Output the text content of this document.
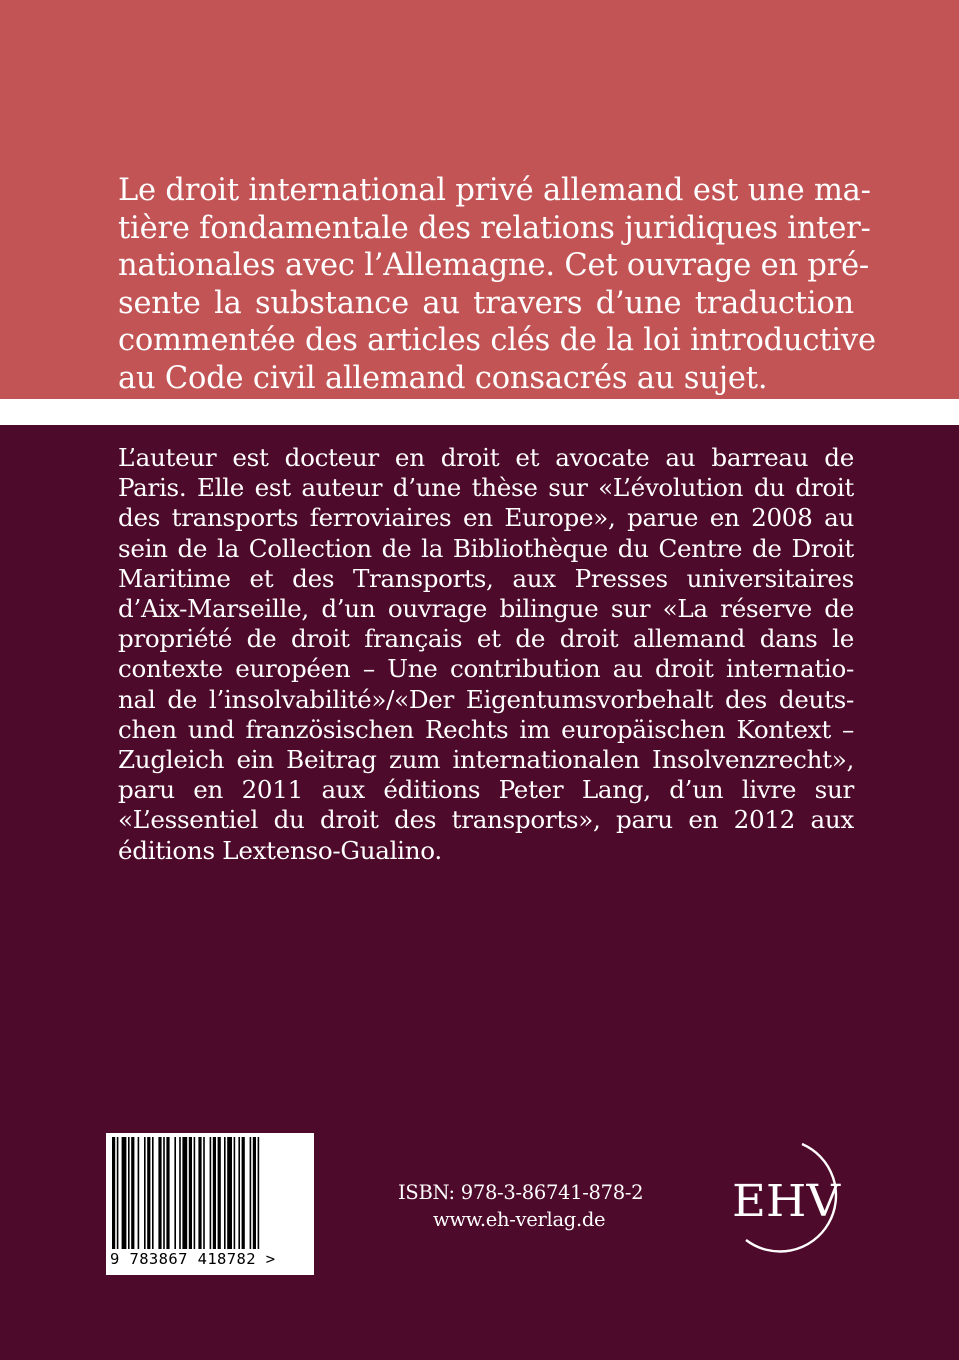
Le droit international privé allemand est une ma-
tière fondamentale des relations juridiques inter-
nationales avec l’Allemagne. Cet ouvrage en pré-
sente la substance au travers d’une traduction
commentée des articles clés de la loi introductive
au Code civil allemand consacrés au sujet.
L’auteur est docteur en droit et avocate au barreau de
Paris. Elle est auteur d’une thèse sur «L’évolution du droit
des transports ferroviaires en Europe», parue en 2008 au
sein de la Collection de la Bibliothèque du Centre de Droit
Maritime et des Transports, aux Presses universitaires
d’Aix-Marseille, d’un ouvrage bilingue sur «La réserve de
propriété de droit français et de droit allemand dans le
contexte européen – Une contribution au droit internatio-
nal de l’insolvabilité»/«Der Eigentumsvorbehalt des deuts-
chen und französischen Rechts im europäischen Kontext –
Zugleich ein Beitrag zum internationalen Insolvenzrecht»,
paru en 2011 aux éditions Peter Lang, d’un livre sur
«L’essentiel du droit des transports», paru en 2012 aux
éditions Lextenso-Gualino.
9 783867 418782 >
ISBN: 978-3-86741-878-2
www.eh-verlag.de	EHV
